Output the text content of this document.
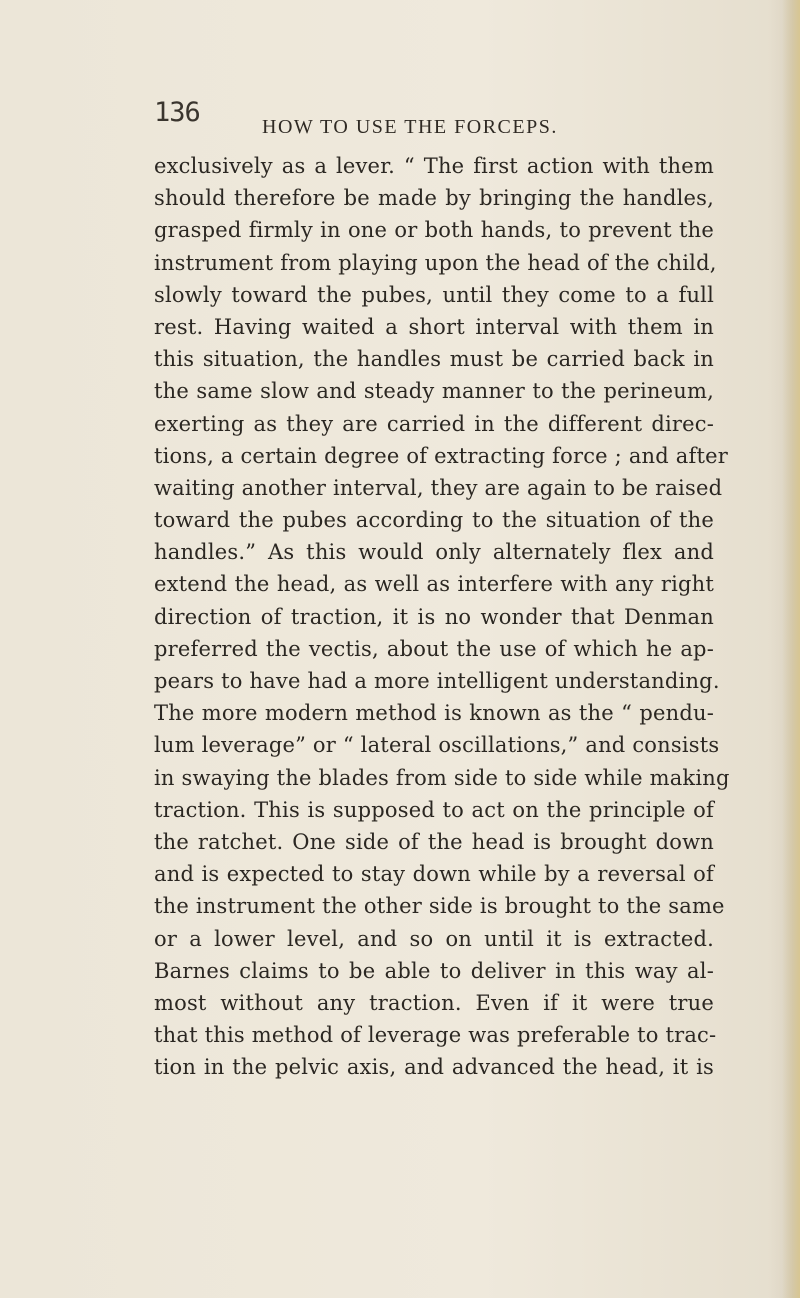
136	HOW TO USE THE FORCEPS.
exclusively as a lever. “ The first action with them
should therefore be made by bringing the handles,
grasped firmly in one or both hands, to prevent the
instrument from playing upon the head of the child,
slowly toward the pubes, until they come to a full
rest. Having waited a short interval with them in
this situation, the handles must be carried back in
the same slow and steady manner to the perineum,
exerting as they are carried in the different direc-
tions, a certain degree of extracting force ; and after
waiting another interval, they are again to be raised
toward the pubes according to the situation of the
handles.” As this would only alternately flex and
extend the head, as well as interfere with any right
direction of traction, it is no wonder that Denman
preferred the vectis, about the use of which he ap-
pears to have had a more intelligent understanding.
The more modern method is known as the “ pendu-
lum leverage” or “ lateral oscillations,” and consists
in swaying the blades from side to side while making
traction. This is supposed to act on the principle of
the ratchet. One side of the head is brought down
and is expected to stay down while by a reversal of
the instrument the other side is brought to the same
or a lower level, and so on until it is extracted.
Barnes claims to be able to deliver in this way al-
most without any traction. Even if it were true
that this method of leverage was preferable to trac-
tion in the pelvic axis, and advanced the head, it is
